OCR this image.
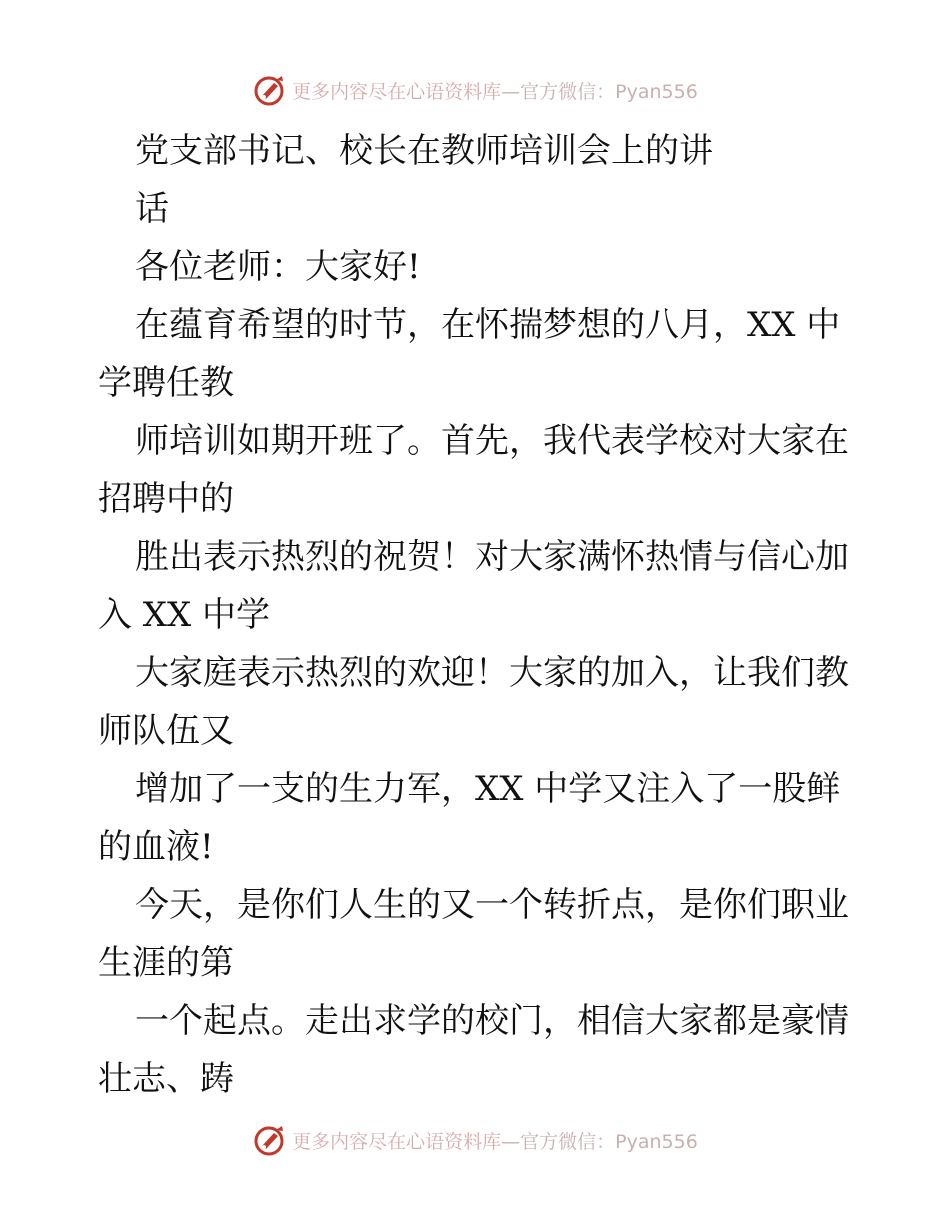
更多内容尽在心语资料库 —官方微信：Pyan556
党支部书记、校长在教师培训会上的讲
话
各位老师：大家好!
在蕴育希望的时节，在怀揣梦想的八月，XX 中
学聘任教
师培训如期开班了。首先，我代表学校对大家在
招聘中的
胜出表示热烈的祝贺！对大家满怀热情与信心加
入 XX 中学
大家庭表示热烈的欢迎！大家的加入，让我们教
师队伍又
增加了一支的生力军，XX 中学又注入了一股鲜
的血液!
今天，是你们人生的又一个转折点，是你们职业
生涯的第
一个起点。走出求学的校门，相信大家都是豪情
壮志、踌
更多内容尽在心语资料库 —官方微信：Pyan556
